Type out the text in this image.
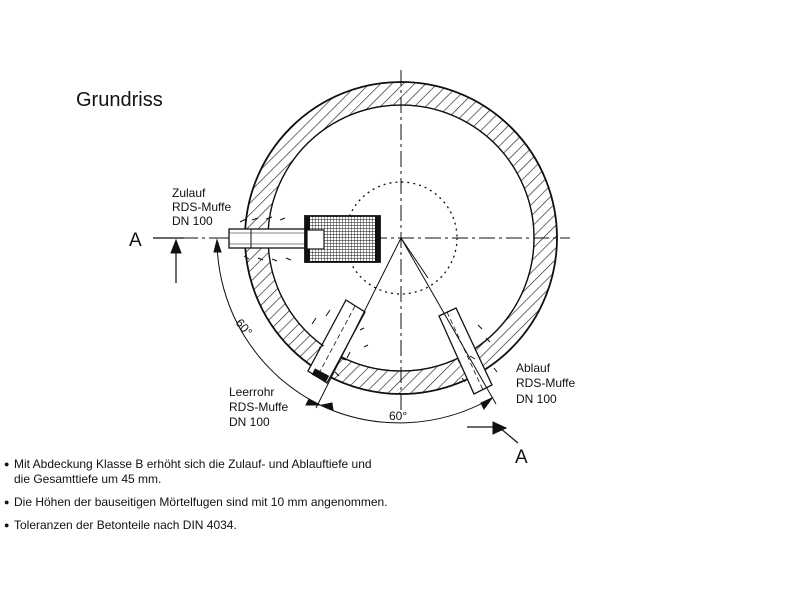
Grundriss
60°
60°
A
A
Zulauf
RDS-Muffe
DN 100
Leerrohr
RDS-Muffe
DN 100
Ablauf
RDS-Muffe
DN 100
● Mit Abdeckung Klasse B erhöht sich die Zulauf- und Ablauftiefe und
die Gesamttiefe um 45 mm.
● Die Höhen der bauseitigen Mörtelfugen sind mit 10 mm angenommen.
● Toleranzen der Betonteile nach DIN 4034.
